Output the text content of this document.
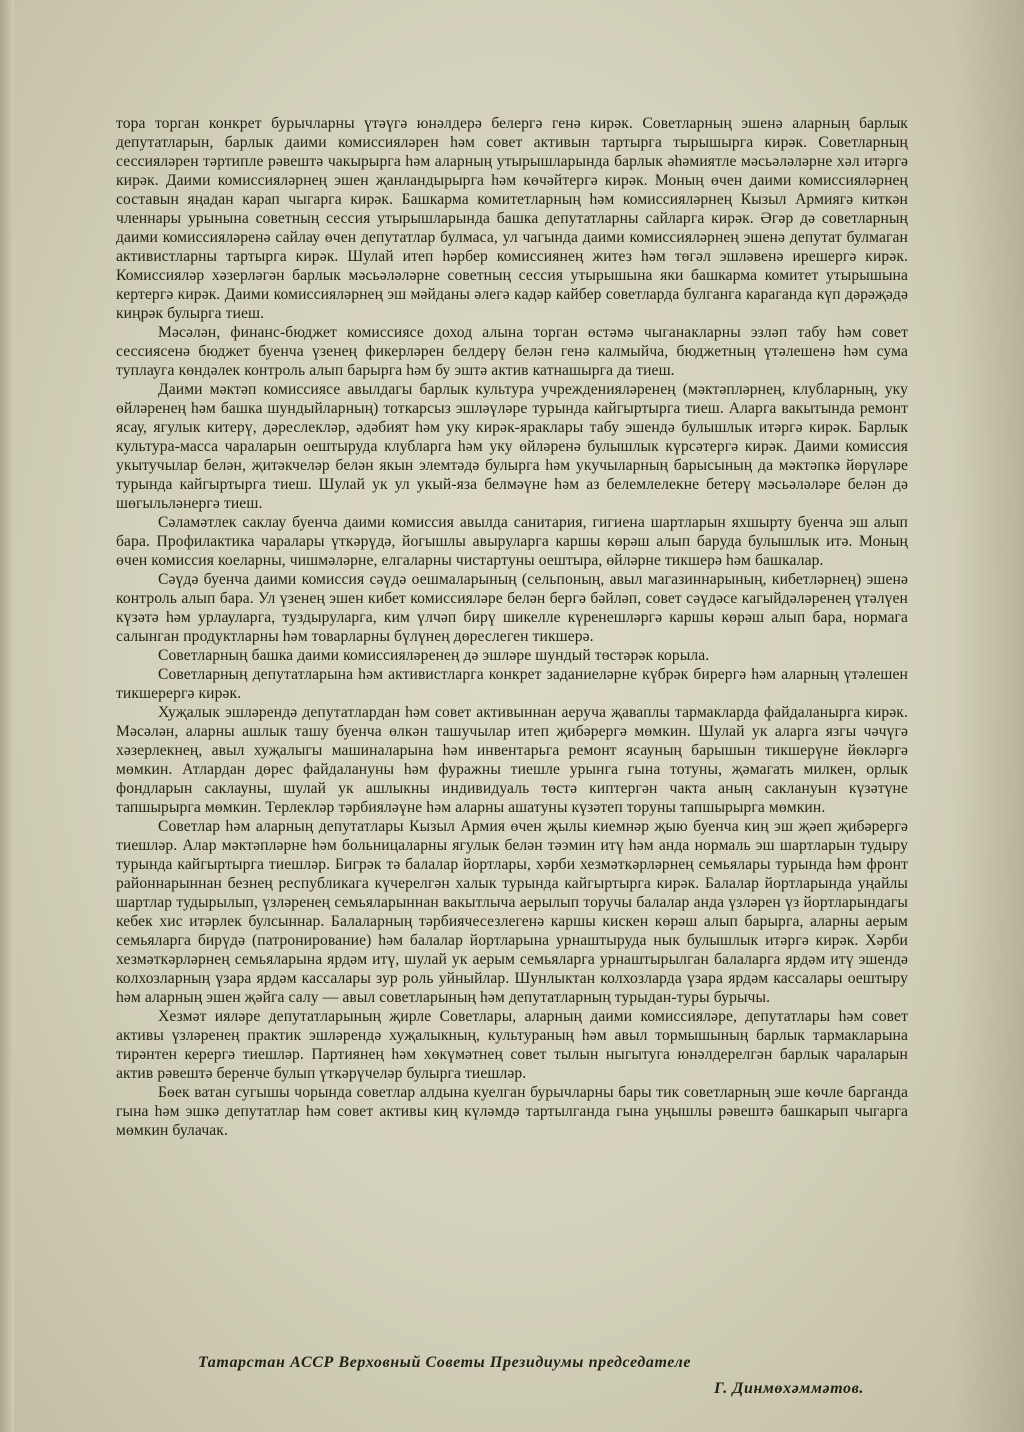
тора торган конкрет бурычларны үтәүгә юнәлдерә белергә генә кирәк. Советларның эшенә аларның барлык депутатларын, барлык даими комиссияләрен һәм совет активын тартырга тырышырга кирәк. Советларның сессияләрен тәртипле рәвештә чакырырга һәм аларның утырышларында барлык әһәмиятле мәсьәләләрне хәл итәргә кирәк. Даими комиссияләрнең эшен җанландырырга һәм көчәйтергә кирәк. Моның өчен даими комиссияләрнең составын яңадан карап чыгарга кирәк. Башкарма комитетларның һәм комиссияләрнең Кызыл Армиягә киткән членнары урынына советның сессия утырышларында башка депутатларны сайларга кирәк. Әгәр дә советларның даими комиссияләренә сайлау өчен депутатлар булмаса, ул чагында даими комиссияләрнең эшенә депутат булмаган активистларны тартырга кирәк. Шулай итеп һәрбер комиссиянең житез һәм төгәл эшләвенә ирешергә кирәк. Комиссияләр хәзерләгән барлык мәсьәләләрне советның сессия утырышына яки башкарма комитет утырышына кертергә кирәк. Даими комиссияләрнең эш мәйданы әлегә кадәр кайбер советларда булганга караганда күп дәрәҗәдә киңрәк булырга тиеш.

Мәсәлән, финанс-бюджет комиссиясе доход алына торган өстәмә чыганакларны эзләп табу һәм совет сессиясенә бюджет буенча үзенең фикерләрен белдерү белән генә калмыйча, бюджетның үтәлешенә һәм сума туплауга көндәлек контроль алып барырга һәм бу эштә актив катнашырга да тиеш.

Даими мәктәп комиссиясе авылдагы барлык культура учрежденияләренең (мәктәпләрнең, клубларның, уку өйләренең һәм башка шундыйларның) тоткарсыз эшләүләре турында кайгыртырга тиеш. Аларга вакытында ремонт ясау, ягулык китерү, дәреслекләр, әдәбият һәм уку кирәк-яраклары табу эшендә булышлык итәргә кирәк. Барлык культура-масса чараларын оештыруда клубларга һәм уку өйләренә булышлык күрсәтергә кирәк. Даими комиссия укытучылар белән, җитәкчеләр белән якын элемтәдә булырга һәм укучыларның барысының да мәктәпкә йөрүләре турында кайгыртырга тиеш. Шулай ук ул укый-яза белмәүне һәм аз белемлелекне бетерү мәсьәләләре белән дә шөгыльләнергә тиеш.

Сәламәтлек саклау буенча даими комиссия авылда санитария, гигиена шартларын яхшырту буенча эш алып бара. Профилактика чаралары үткәрүдә, йогышлы авыруларга каршы көрәш алып баруда булышлык итә. Моның өчен комиссия коеларны, чишмәләрне, елгаларны чистартуны оештыра, өйләрне тикшерә һәм башкалар.

Сәүдә буенча даими комиссия сәүдә оешмаларының (сельпоның, авыл магазиннарының, кибетләрнең) эшенә контроль алып бара. Ул үзенең эшен кибет комиссияләре белән бергә бәйләп, совет сәүдәсе кагыйдәләренең үтәлүен күзәтә һәм урлауларга, туздыруларга, ким үлчәп бирү шикелле күренешләргә каршы көрәш алып бара, нормага салынган продуктларны һәм товарларны бүлүнең дөреслеген тикшерә.

Советларның башка даими комиссияләренең дә эшләре шундый төстәрәк корыла.

Советларның депутатларына һәм активистларга конкрет заданиеләрне күбрәк бирергә һәм аларның үтәлешен тикшерергә кирәк.

Хуҗалык эшләрендә депутатлардан һәм совет активыннан аеруча җаваплы тармакларда файдаланырга кирәк. Мәсәлән, аларны ашлык ташу буенча өлкән ташучылар итеп җибәрергә мөмкин. Шулай ук аларга язгы чәчүгә хәзерлекнең, авыл хуҗалыгы машиналарына һәм инвентарьга ремонт ясауның барышын тикшерүне йөкләргә мөмкин. Атлардан дөрес файдалануны һәм фуражны тиешле урынга гына тотуны, җәмагать милкен, орлык фондларын саклауны, шулай ук ашлыкны индивидуаль төстә киптергән чакта аның саклануын күзәтүне тапшырырга мөмкин. Терлекләр тәрбияләүне һәм аларны ашатуны күзәтеп торуны тапшырырга мөмкин.

Советлар һәм аларның депутатлары Кызыл Армия өчен җылы киемнәр җыю буенча киң эш җәеп җибәрергә тиешләр. Алар мәктәпләрне һәм больницаларны ягулык белән тәэмин итү һәм анда нормаль эш шартларын тудыру турында кайгыртырга тиешләр. Бигрәк тә балалар йортлары, хәрби хезмәткәрләрнең семьялары турында һәм фронт районнарыннан безнең республикага күчерелгән халык турында кайгыртырга кирәк. Балалар йортларында уңайлы шартлар тудырылып, үзләренең семьяларыннан вакытлыча аерылып торучы балалар анда үзләрен үз йортларындагы кебек хис итәрлек булсыннар. Балаларның тәрбиячесезлегенә каршы кискен көрәш алып барырга, аларны аерым семьяларга бирүдә (патронирование) һәм балалар йортларына урнаштыруда нык булышлык итәргә кирәк. Хәрби хезмәткәрләрнең семьяларына ярдәм итү, шулай ук аерым семьяларга урнаштырылган балаларга ярдәм итү эшендә колхозларның үзара ярдәм кассалары зур роль уйныйлар. Шунлыктан колхозларда үзара ярдәм кассалары оештыру һәм аларның эшен җәйга салу — авыл советларының һәм депутатларның турыдан-туры бурычы.

Хезмәт ияләре депутатларының җирле Советлары, аларның даими комиссияләре, депутатлары һәм совет активы үзләренең практик эшләрендә хуҗалыкның, культураның һәм авыл тормышының барлык тармакларына тирәнтен керергә тиешләр. Партиянең һәм хөкүмәтнең совет тылын ныгытуга юнәлдерелгән барлык чараларын актив рәвештә беренче булып үткәрүчеләр булырга тиешләр.

Бөек ватан сугышы чорында советлар алдына куелган бурычларны бары тик советларның эше көчле барганда гына һәм эшкә депутатлар һәм совет активы киң күләмдә тартылганда гына уңышлы рәвештә башкарып чыгарга мөмкин булачак.

Татарстан АССР Верховный Советы Президиумы председателе
Г. Динмөхәммәтов.
